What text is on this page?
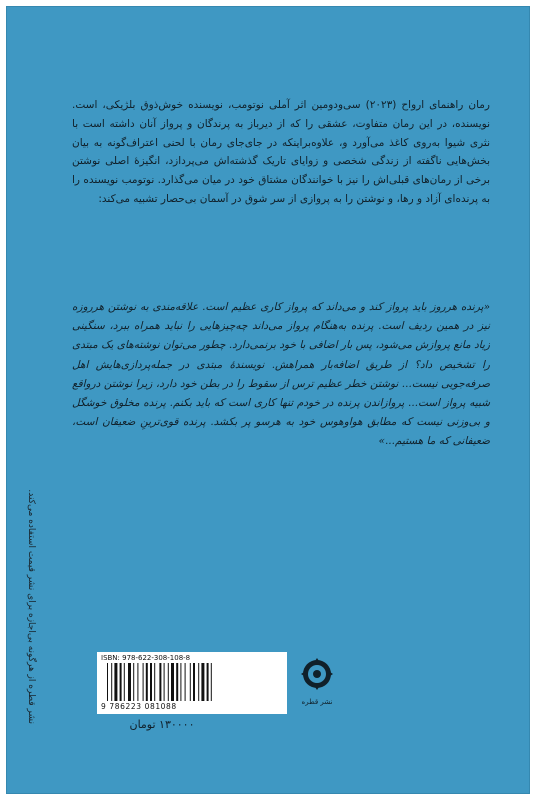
رمان راهنمای ارواح (۲۰۲۳) سی‌ودومین اثر آملی نوتومب، نویسنده خوش‌ذوق بلژیکی، است. نویسنده، در این رمان متفاوت، عشقی را که از دیرباز به پرندگان و پرواز آنان داشته است با نثری شیوا به‌روی کاغذ می‌آورد و، علاوه‌براینکه در جای‌جای رمان با لحنی اعتراف‌گونه به بیان بخش‌هایی ناگفته از زندگی شخصی و زوایای تاریک گذشته‌اش می‌پردازد، انگیزهٔ اصلی نوشتن برخی از رمان‌های قبلی‌اش را نیز با خوانندگان مشتاق خود در میان می‌گذارد. نوتومب نویسنده را به پرنده‌ای آزاد و رها، و نوشتن را به پروازی از سر شوق در آسمان بی‌حصار تشبیه می‌کند:
«پرنده هرروز باید پرواز کند و می‌داند که پرواز کاری عظیم است. علاقه‌مندی به نوشتن هرروزه نیز در همین ردیف است. پرنده به‌هنگام پرواز می‌داند چه‌چیزهایی را نباید همراه ببرد، سنگینی زیاد مانع پروازش می‌شود، پس بار اضافی با خود برنمی‌دارد. چطور می‌توان نوشته‌های یک مبتدی را تشخیص داد؟ از طریق اضافه‌بار همراهش. نویسندهٔ مبتدی در جمله‌پردازی‌هایش اهل صرفه‌جویی نیست... نوشتن خطر عظیم ترس از سقوط را در بطن خود دارد، زیرا نوشتن درواقع شبیه پرواز است... پروازاندن پرنده در خودم تنها کاری است که باید بکنم. پرنده مخلوق خوشگل و بی‌وزنی نیست که مطابق هوا‌وهوس خود به هرسو پر بکشد. پرنده قوی‌ترینِ ضعیفان است، ضعیفانی که ما هستیم...»
نشر قطره از هرگونه بی‌اجازه برای نشر قیمت استفاده می‌کند.	ISBN: 978-622-308-108-8
9 786223 081088	نشر قطره
۱۳۰۰۰۰ تومان
